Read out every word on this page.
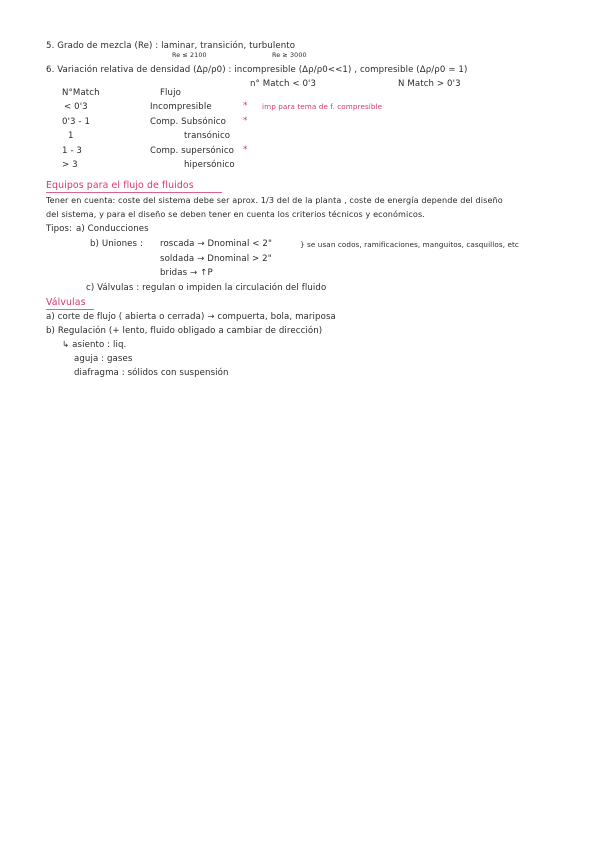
5. Grado de mezcla (Re) : laminar, transición, turbulento
Re ≤ 2100	Re ≥ 3000
6. Variación relativa de densidad (Δρ/ρ0) : incompresible (Δρ/ρ0<<1) , compresible (Δρ/ρ0 ≃ 1)
n° Match < 0'3	N Match > 0'3
N°Match	Flujo
< 0'3	Incompresible	* imp para tema de f. compresible
0'3 - 1	Comp. Subsónico *
1	transónico
1 - 3	Comp. supersónico *
> 3	hipersónico
Equipos para el flujo de fluidos
Tener en cuenta: coste del sistema debe ser aprox. 1/3 del de la planta , coste de energía depende del diseño
del sistema, y para el diseño se deben tener en cuenta los criterios técnicos y económicos.
Tipos: a) Conducciones
b) Uniones : roscada → Dnominal < 2"	} se usan codos, ramificaciones, manguitos, casquillos, etc
soldada → Dnominal > 2"
bridas → ↑P
c) Válvulas : regulan o impiden la circulación del fluido
Válvulas
a) corte de flujo ( abierta o cerrada) → compuerta, bola, mariposa
b) Regulación (+ lento, fluido obligado a cambiar de dirección)
↳ asiento : liq.
aguja : gases
diafragma : sólidos con suspensión
